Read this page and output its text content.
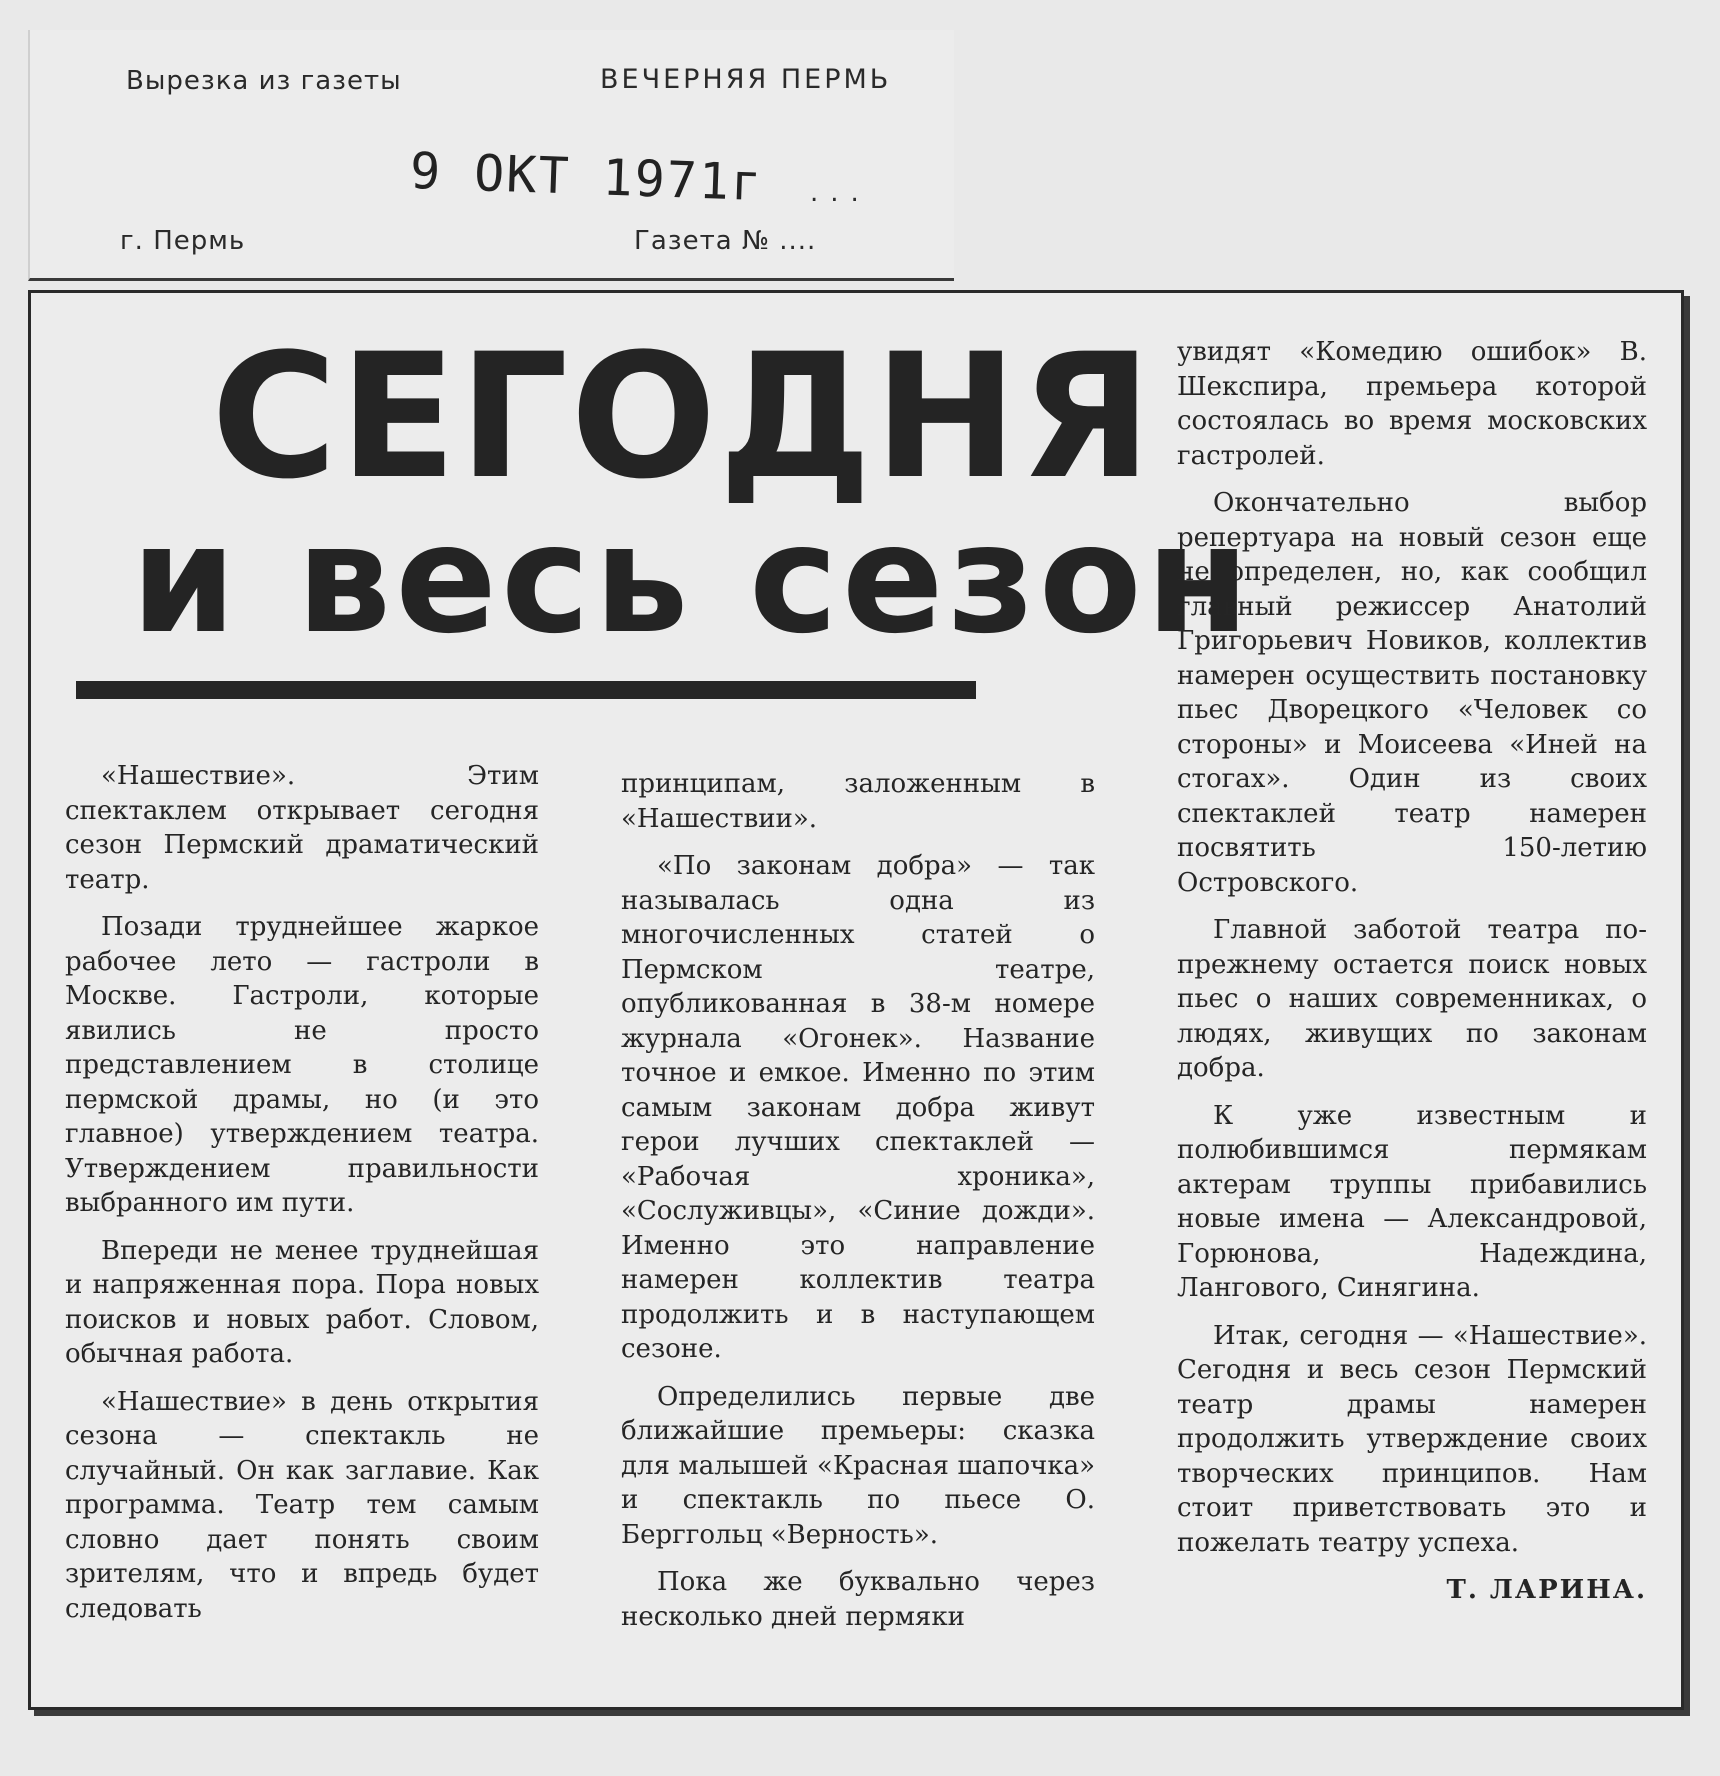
Вырезка из газеты	ВЕЧЕРНЯЯ ПЕРМЬ
9 ОКТ 1971г ...
г. Пермь	Газета № ....
СЕГОДНЯ
и весь сезон

«Нашествие». Этим спектаклем открывает сегодня сезон Пермский драматический театр.

Позади труднейшее жаркое рабочее лето — гастроли в Москве. Гастроли, которые явились не просто представлением в столице пермской драмы, но (и это главное) утверждением театра. Утверждением правильности выбранного им пути.

Впереди не менее труднейшая и напряженная пора. Пора новых поисков и новых работ. Словом, обычная работа.

«Нашествие» в день открытия сезона — спектакль не случайный. Он как заглавие. Как программа. Театр тем самым словно дает понять своим зрителям, что и впредь будет следовать

принципам, заложенным в «Нашествии».

«По законам добра» — так называлась одна из многочисленных статей о Пермском театре, опубликованная в 38-м номере журнала «Огонек». Название точное и емкое. Именно по этим самым законам добра живут герои лучших спектаклей — «Рабочая хроника», «Сослуживцы», «Синие дожди». Именно это направление намерен коллектив театра продолжить и в наступающем сезоне.

Определились первые две ближайшие премьеры: сказка для малышей «Красная шапочка» и спектакль по пьесе О. Берггольц «Верность».

Пока же буквально через несколько дней пермяки

увидят «Комедию ошибок» В. Шекспира, премьера которой состоялась во время московских гастролей.

Окончательно выбор репертуара на новый сезон еще не определен, но, как сообщил главный режиссер Анатолий Григорьевич Новиков, коллектив намерен осуществить постановку пьес Дворецкого «Человек со стороны» и Моисеева «Иней на стогах». Один из своих спектаклей театр намерен посвятить 150-летию Островского.

Главной заботой театра по-прежнему остается поиск новых пьес о наших современниках, о людях, живущих по законам добра.

К уже известным и полюбившимся пермякам актерам труппы прибавились новые имена — Александровой, Горюнова, Надеждина, Лангового, Синягина.

Итак, сегодня — «Нашествие». Сегодня и весь сезон Пермский театр драмы намерен продолжить утверждение своих творческих принципов. Нам стоит приветствовать это и пожелать театру успеха.

Т. ЛАРИНА.
